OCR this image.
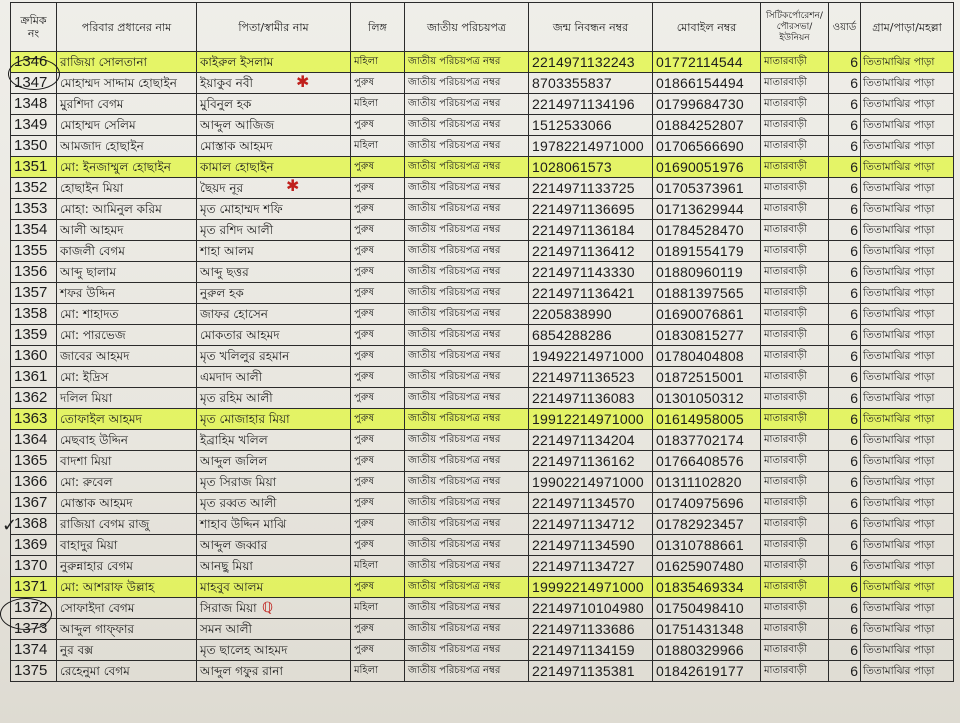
ক্রমিক নং	পরিবার প্রধানের নাম	পিতা/স্বামীর নাম	লিঙ্গ	জাতীয় পরিচয়পত্র	জন্ম নিবন্ধন নম্বর	মোবাইল নম্বর	সিটিকর্পোরেশন/পৌরসভা/ইউনিয়ন	ওয়ার্ড	গ্রাম/পাড়া/মহল্লা
1346	রাজিয়া সোলতানা	কাইরুল ইসলাম	মহিলা	জাতীয় পরিচয়পত্র নম্বর	2214971132243	01772114544	মাতারবাড়ী	6	তিতামাঝির পাড়া
1347	মোহাম্মদ সাদ্দাম হোছাইন	ইয়াকুব নবী	পুরুষ	জাতীয় পরিচয়পত্র নম্বর	8703355837	01866154494	মাতারবাড়ী	6	তিতামাঝির পাড়া
1348	মুরশিদা বেগম	মুবিনুল হক	মহিলা	জাতীয় পরিচয়পত্র নম্বর	2214971134196	01799684730	মাতারবাড়ী	6	তিতামাঝির পাড়া
1349	মোহাম্মদ সেলিম	আব্দুল আজিজ	পুরুষ	জাতীয় পরিচয়পত্র নম্বর	1512533066	01884252807	মাতারবাড়ী	6	তিতামাঝির পাড়া
1350	আমজাদ হোছাইন	মোস্তাক আহমদ	মহিলা	জাতীয় পরিচয়পত্র নম্বর	19782214971000	01706566690	মাতারবাড়ী	6	তিতামাঝির পাড়া
1351	মো: ইনজাম্মুল হোছাইন	কামাল হোছাইন	পুরুষ	জাতীয় পরিচয়পত্র নম্বর	1028061573	01690051976	মাতারবাড়ী	6	তিতামাঝির পাড়া
1352	হোছাইন মিয়া	ছৈয়দ নূর	পুরুষ	জাতীয় পরিচয়পত্র নম্বর	2214971133725	01705373961	মাতারবাড়ী	6	তিতামাঝির পাড়া
1353	মোহা: আমিনুল করিম	মৃত মোহাম্মদ শফি	পুরুষ	জাতীয় পরিচয়পত্র নম্বর	2214971136695	01713629944	মাতারবাড়ী	6	তিতামাঝির পাড়া
1354	আলী আহমদ	মৃত রশিদ আলী	পুরুষ	জাতীয় পরিচয়পত্র নম্বর	2214971136184	01784528470	মাতারবাড়ী	6	তিতামাঝির পাড়া
1355	কাজলী বেগম	শাহা আলম	পুরুষ	জাতীয় পরিচয়পত্র নম্বর	2214971136412	01891554179	মাতারবাড়ী	6	তিতামাঝির পাড়া
1356	আব্দু ছালাম	আব্দু ছত্তর	পুরুষ	জাতীয় পরিচয়পত্র নম্বর	2214971143330	01880960119	মাতারবাড়ী	6	তিতামাঝির পাড়া
1357	শফর উদ্দিন	নুরুল হক	পুরুষ	জাতীয় পরিচয়পত্র নম্বর	2214971136421	01881397565	মাতারবাড়ী	6	তিতামাঝির পাড়া
1358	মো: শাহাদত	জাফর হোসেন	পুরুষ	জাতীয় পরিচয়পত্র নম্বর	2205838990	01690076861	মাতারবাড়ী	6	তিতামাঝির পাড়া
1359	মো: পারভেজ	মোকতার আহমদ	পুরুষ	জাতীয় পরিচয়পত্র নম্বর	6854288286	01830815277	মাতারবাড়ী	6	তিতামাঝির পাড়া
1360	জাবের আহমদ	মৃত খলিলুর রহমান	পুরুষ	জাতীয় পরিচয়পত্র নম্বর	19492214971000	01780404808	মাতারবাড়ী	6	তিতামাঝির পাড়া
1361	মো: ইদ্রিস	এমদাদ আলী	পুরুষ	জাতীয় পরিচয়পত্র নম্বর	2214971136523	01872515001	মাতারবাড়ী	6	তিতামাঝির পাড়া
1362	দলিল মিয়া	মৃত রহিম আলী	পুরুষ	জাতীয় পরিচয়পত্র নম্বর	2214971136083	01301050312	মাতারবাড়ী	6	তিতামাঝির পাড়া
1363	তোফাইল আহমদ	মৃত মোজাহার মিয়া	পুরুষ	জাতীয় পরিচয়পত্র নম্বর	19912214971000	01614958005	মাতারবাড়ী	6	তিতামাঝির পাড়া
1364	মেছবাহ উদ্দিন	ইব্রাহিম খলিল	পুরুষ	জাতীয় পরিচয়পত্র নম্বর	2214971134204	01837702174	মাতারবাড়ী	6	তিতামাঝির পাড়া
1365	বাদশা মিয়া	আব্দুল জলিল	পুরুষ	জাতীয় পরিচয়পত্র নম্বর	2214971136162	01766408576	মাতারবাড়ী	6	তিতামাঝির পাড়া
1366	মো: রুবেল	মৃত সিরাজ মিয়া	পুরুষ	জাতীয় পরিচয়পত্র নম্বর	19902214971000	01311102820	মাতারবাড়ী	6	তিতামাঝির পাড়া
1367	মোস্তাক আহমদ	মৃত রব্বত আলী	পুরুষ	জাতীয় পরিচয়পত্র নম্বর	2214971134570	01740975696	মাতারবাড়ী	6	তিতামাঝির পাড়া
1368	রাজিয়া বেগম রাজু	শাহাব উদ্দিন মাঝি	পুরুষ	জাতীয় পরিচয়পত্র নম্বর	2214971134712	01782923457	মাতারবাড়ী	6	তিতামাঝির পাড়া
1369	বাহাদুর মিয়া	আব্দুল জব্বার	পুরুষ	জাতীয় পরিচয়পত্র নম্বর	2214971134590	01310788661	মাতারবাড়ী	6	তিতামাঝির পাড়া
1370	নুরুন্নাহার বেগম	আনছু মিয়া	মহিলা	জাতীয় পরিচয়পত্র নম্বর	2214971134727	01625907480	মাতারবাড়ী	6	তিতামাঝির পাড়া
1371	মো: আশরাফ উল্লাহ	মাহবুব আলম	পুরুষ	জাতীয় পরিচয়পত্র নম্বর	19992214971000	01835469334	মাতারবাড়ী	6	তিতামাঝির পাড়া
1372	সোফাইদা বেগম	সিরাজ মিয়া	মহিলা	জাতীয় পরিচয়পত্র নম্বর	22149710104980	01750498410	মাতারবাড়ী	6	তিতামাঝির পাড়া
1373	আব্দুল গাফ্ফার	সমন আলী	পুরুষ	জাতীয় পরিচয়পত্র নম্বর	2214971133686	01751431348	মাতারবাড়ী	6	তিতামাঝির পাড়া
1374	নুর বক্স	মৃত ছালেহ আহমদ	পুরুষ	জাতীয় পরিচয়পত্র নম্বর	2214971134159	01880329966	মাতারবাড়ী	6	তিতামাঝির পাড়া
1375	রেহেনুমা বেগম	আব্দুল গফুর রানা	মহিলা	জাতীয় পরিচয়পত্র নম্বর	2214971135381	01842619177	মাতারবাড়ী	6	তিতামাঝির পাড়া
✓
✱
✱
ℚ
